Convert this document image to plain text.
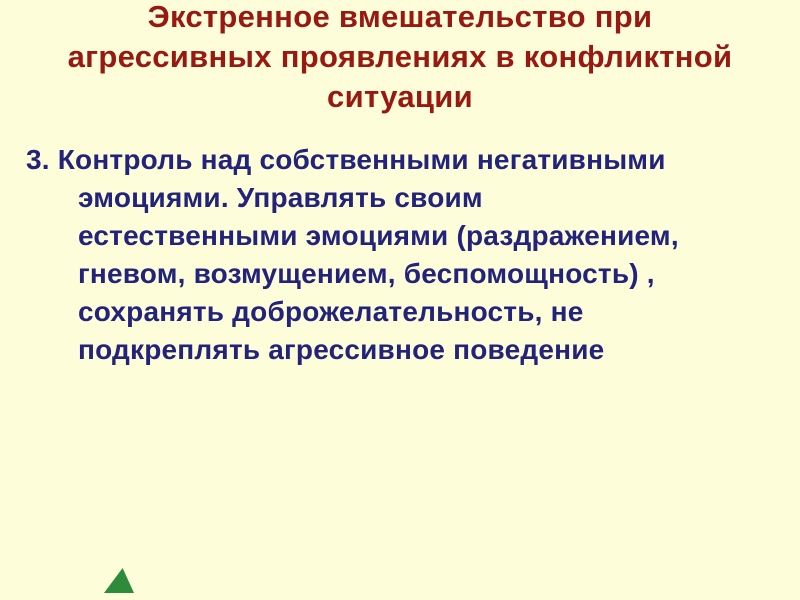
Экстренное вмешательство при
агрессивных проявлениях в конфликтной
ситуации
3. Контроль над собственными негативными
эмоциями. Управлять своим
естественными эмоциями (раздражением,
гневом, возмущением, беспомощность) ,
сохранять доброжелательность, не
подкреплять агрессивное поведение
